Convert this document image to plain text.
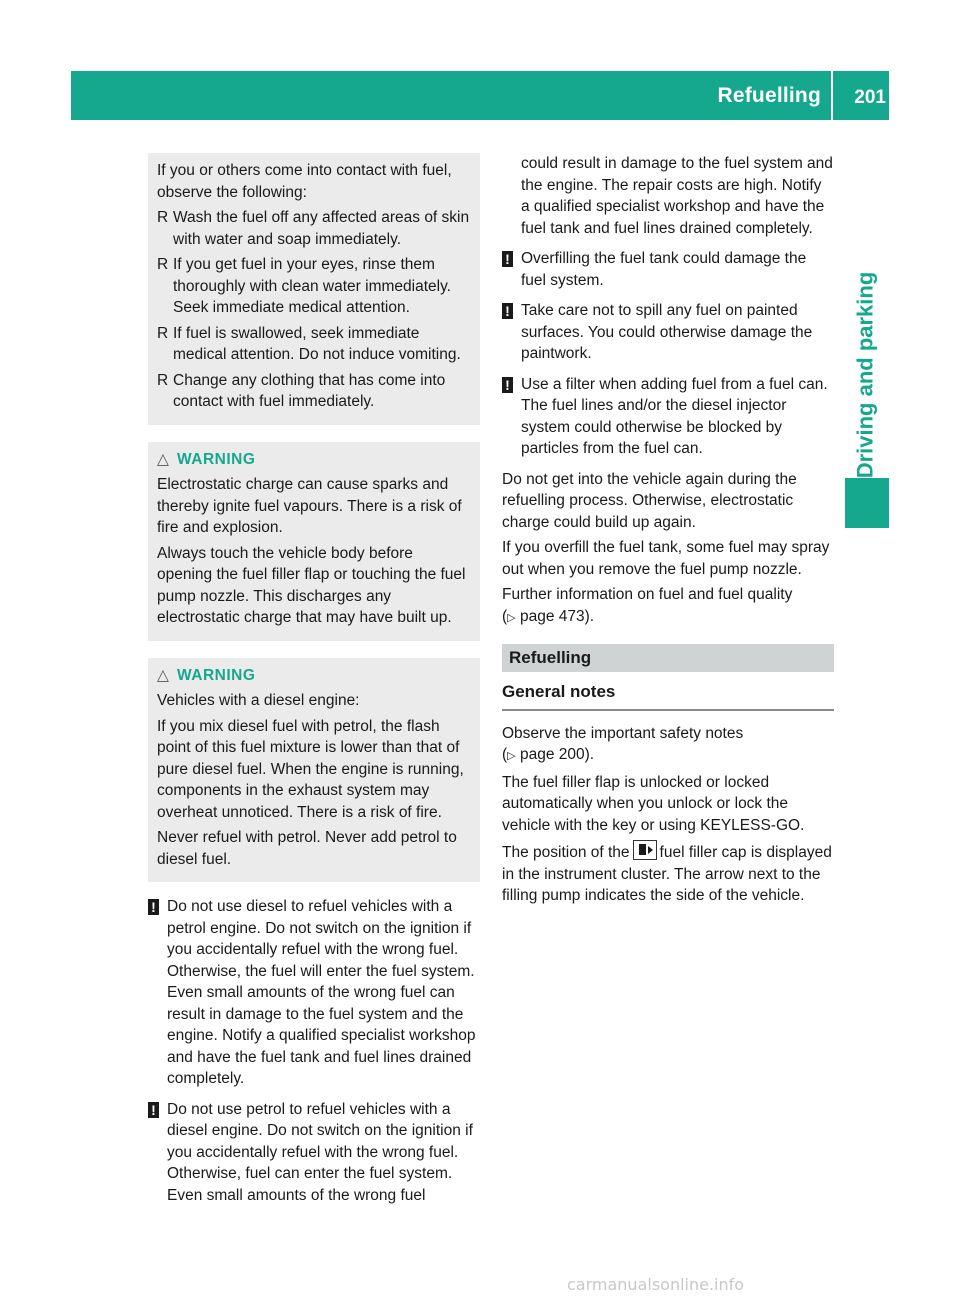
Refuelling 201
Driving and parking

If you or others come into contact with fuel, observe the following:

R Wash the fuel off any affected areas of skin with water and soap immediately.
R If you get fuel in your eyes, rinse them thoroughly with clean water immediately. Seek immediate medical attention.
R If fuel is swallowed, seek immediate medical attention. Do not induce vomiting.
R Change any clothing that has come into contact with fuel immediately.
△ WARNING

Electrostatic charge can cause sparks and thereby ignite fuel vapours. There is a risk of fire and explosion.

Always touch the vehicle body before opening the fuel filler flap or touching the fuel pump nozzle. This discharges any electrostatic charge that may have built up.

△ WARNING

Vehicles with a diesel engine:

If you mix diesel fuel with petrol, the flash point of this fuel mixture is lower than that of pure diesel fuel. When the engine is running, components in the exhaust system may overheat unnoticed. There is a risk of fire.

Never refuel with petrol. Never add petrol to diesel fuel.

! Do not use diesel to refuel vehicles with a petrol engine. Do not switch on the ignition if you accidentally refuel with the wrong fuel. Otherwise, the fuel will enter the fuel system. Even small amounts of the wrong fuel can result in damage to the fuel system and the engine. Notify a qualified specialist workshop and have the fuel tank and fuel lines drained completely.
! Do not use petrol to refuel vehicles with a diesel engine. Do not switch on the ignition if you accidentally refuel with the wrong fuel. Otherwise, fuel can enter the fuel system. Even small amounts of the wrong fuel

could result in damage to the fuel system and the engine. The repair costs are high. Notify a qualified specialist workshop and have the fuel tank and fuel lines drained completely.

! Overfilling the fuel tank could damage the fuel system.
! Take care not to spill any fuel on painted surfaces. You could otherwise damage the paintwork.
! Use a filter when adding fuel from a fuel can. The fuel lines and/or the diesel injector system could otherwise be blocked by particles from the fuel can.

Do not get into the vehicle again during the refuelling process. Otherwise, electrostatic charge could build up again.

If you overfill the fuel tank, some fuel may spray out when you remove the fuel pump nozzle.

Further information on fuel and fuel quality
(▷ page 473).

Refuelling
General notes

Observe the important safety notes
(▷ page 200).

The fuel filler flap is unlocked or locked automatically when you unlock or lock the vehicle with the key or using KEYLESS-GO.

The position of the fuel filler cap is displayed in the instrument cluster. The arrow next to the filling pump indicates the side of the vehicle.

carmanualsonline.info
